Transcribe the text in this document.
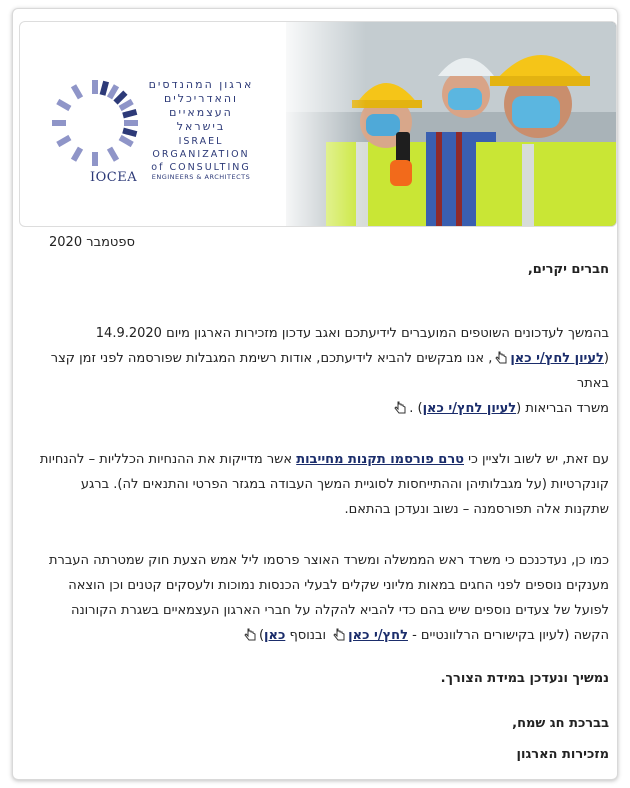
ארגון המהנדסים
והאדריכלים
העצמאיים
בישראל
ISRAEL
ORGANIZATION
of CONSULTING
ENGINEERS & ARCHITECTS
IOCEA
ספטמבר 2020

חברים יקרים,

בהמשך לעדכונים השוטפים המועברים לידיעתכם ואגב עדכון מזכירות הארגון מיום 14.9.2020
(לעיון לחץ/י כאן
, אנו מבקשים להביא לידיעתכם, אודות רשימת המגבלות שפורסמה לפני זמן קצר באתר
משרד הבריאות (לעיון לחץ/י כאן) .

עם זאת, יש לשוב ולציין כי טרם פורסמו תקנות מחייבות אשר מדייקות את ההנחיות הכלליות – להנחיות קונקרטיות (על מגבלותיהן וההתייחסות לסוגיית המשך העבודה במגזר הפרטי והתנאים לה). ברגע שתקנות אלה תפורסמנה – נשוב ונעדכן בהתאם.

כמו כן, נעדכנכם כי משרד ראש הממשלה ומשרד האוצר פרסמו ליל אמש הצעת חוק שמטרתה העברת מענקים נוספים לפני החגים במאות מליוני שקלים לבעלי הכנסות נמוכות ולעסקים קטנים וכן הוצאה לפועל של צעדים נוספים שיש בהם כדי להביא להקלה על חברי הארגון העצמאיים בשגרת הקורונה הקשה (לעיון בקישורים הרלוונטיים - לחץ/י כאן
ובנוסף כאן)

נמשיך ונעדכן במידת הצורך.

בברכת חג שמח,

מזכירות הארגון
